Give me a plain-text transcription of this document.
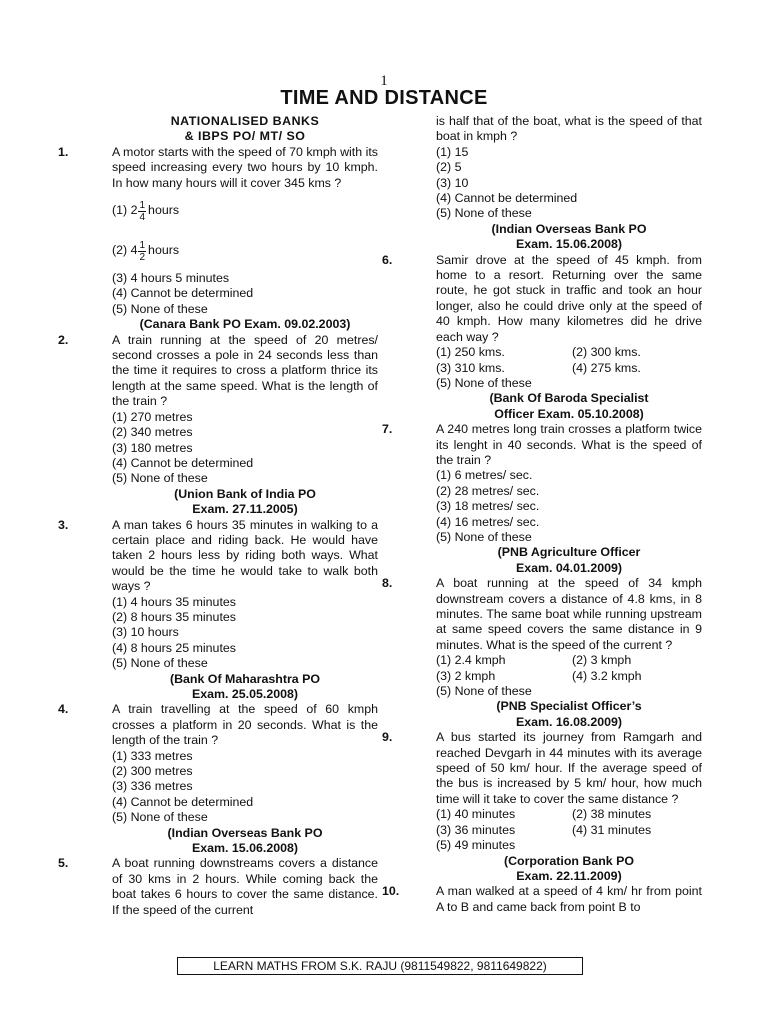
1
TIME AND DISTANCE
NATIONALISED BANKS
& IBPS PO/ MT/ SO
1.	A motor starts with the speed of 70 kmph with its speed increasing every two hours by 10 kmph. In how many hours will it cover 345 kms ?
(1) $2 \frac{1}{4}$ hours
(2) $4 \frac{1}{2}$ hours
(3) 4 hours 5 minutes
(4) Cannot be determined
(5) None of these
(Canara Bank PO Exam. 09.02.2003)
2.	A train running at the speed of 20 metres/ second crosses a pole in 24 seconds less than the time it requires to cross a platform thrice its length at the same speed. What is the length of the train ?
(1) 270 metres
(2) 340 metres
(3) 180 metres
(4) Cannot be determined
(5) None of these
(Union Bank of India PO
Exam. 27.11.2005)
3.	A man takes 6 hours 35 minutes in walking to a certain place and riding back. He would have taken 2 hours less by riding both ways. What would be the time he would take to walk both ways ?
(1) 4 hours 35 minutes
(2) 8 hours 35 minutes
(3) 10 hours
(4) 8 hours 25 minutes
(5) None of these
(Bank Of Maharashtra PO
Exam. 25.05.2008)
4.	A train travelling at the speed of 60 kmph crosses a platform in 20 seconds. What is the length of the train ?
(1) 333 metres
(2) 300 metres
(3) 336 metres
(4) Cannot be determined
(5) None of these
(Indian Overseas Bank PO
Exam. 15.06.2008)
5.	A boat running downstreams covers a distance of 30 kms in 2 hours. While coming back the boat takes 6 hours to cover the same distance. If the speed of the current
is half that of the boat, what is the speed of that boat in kmph ?
(1) 15
(2) 5
(3) 10
(4) Cannot be determined
(5) None of these
(Indian Overseas Bank PO
Exam. 15.06.2008)
6.	Samir drove at the speed of 45 kmph. from home to a resort. Returning over the same route, he got stuck in traffic and took an hour longer, also he could drive only at the speed of 40 kmph. How many kilometres did he drive each way ?
(1) 250 kms.	(2) 300 kms.
(3) 310 kms.	(4) 275 kms.
(5) None of these
(Bank Of Baroda Specialist
Officer Exam. 05.10.2008)
7.	A 240 metres long train crosses a platform twice its lenght in 40 seconds. What is the speed of the train ?
(1) 6 metres/ sec.
(2) 28 metres/ sec.
(3) 18 metres/ sec.
(4) 16 metres/ sec.
(5) None of these
(PNB Agriculture Officer
Exam. 04.01.2009)
8.	A boat running at the speed of 34 kmph downstream covers a distance of 4.8 kms, in 8 minutes. The same boat while running upstream at same speed covers the same distance in 9 minutes. What is the speed of the current ?
(1) 2.4 kmph	(2) 3 kmph
(3) 2 kmph	(4) 3.2 kmph
(5) None of these
(PNB Specialist Officer’s
Exam. 16.08.2009)
9.	A bus started its journey from Ramgarh and reached Devgarh in 44 minutes with its average speed of 50 km/ hour. If the average speed of the bus is increased by 5 km/ hour, how much time will it take to cover the same distance ?
(1) 40 minutes	(2) 38 minutes
(3) 36 minutes	(4) 31 minutes
(5) 49 minutes
(Corporation Bank PO
Exam. 22.11.2009)
10.	A man walked at a speed of 4 km/ hr from point A to B and came back from point B to
LEARN MATHS FROM S.K. RAJU (9811549822, 9811649822)
